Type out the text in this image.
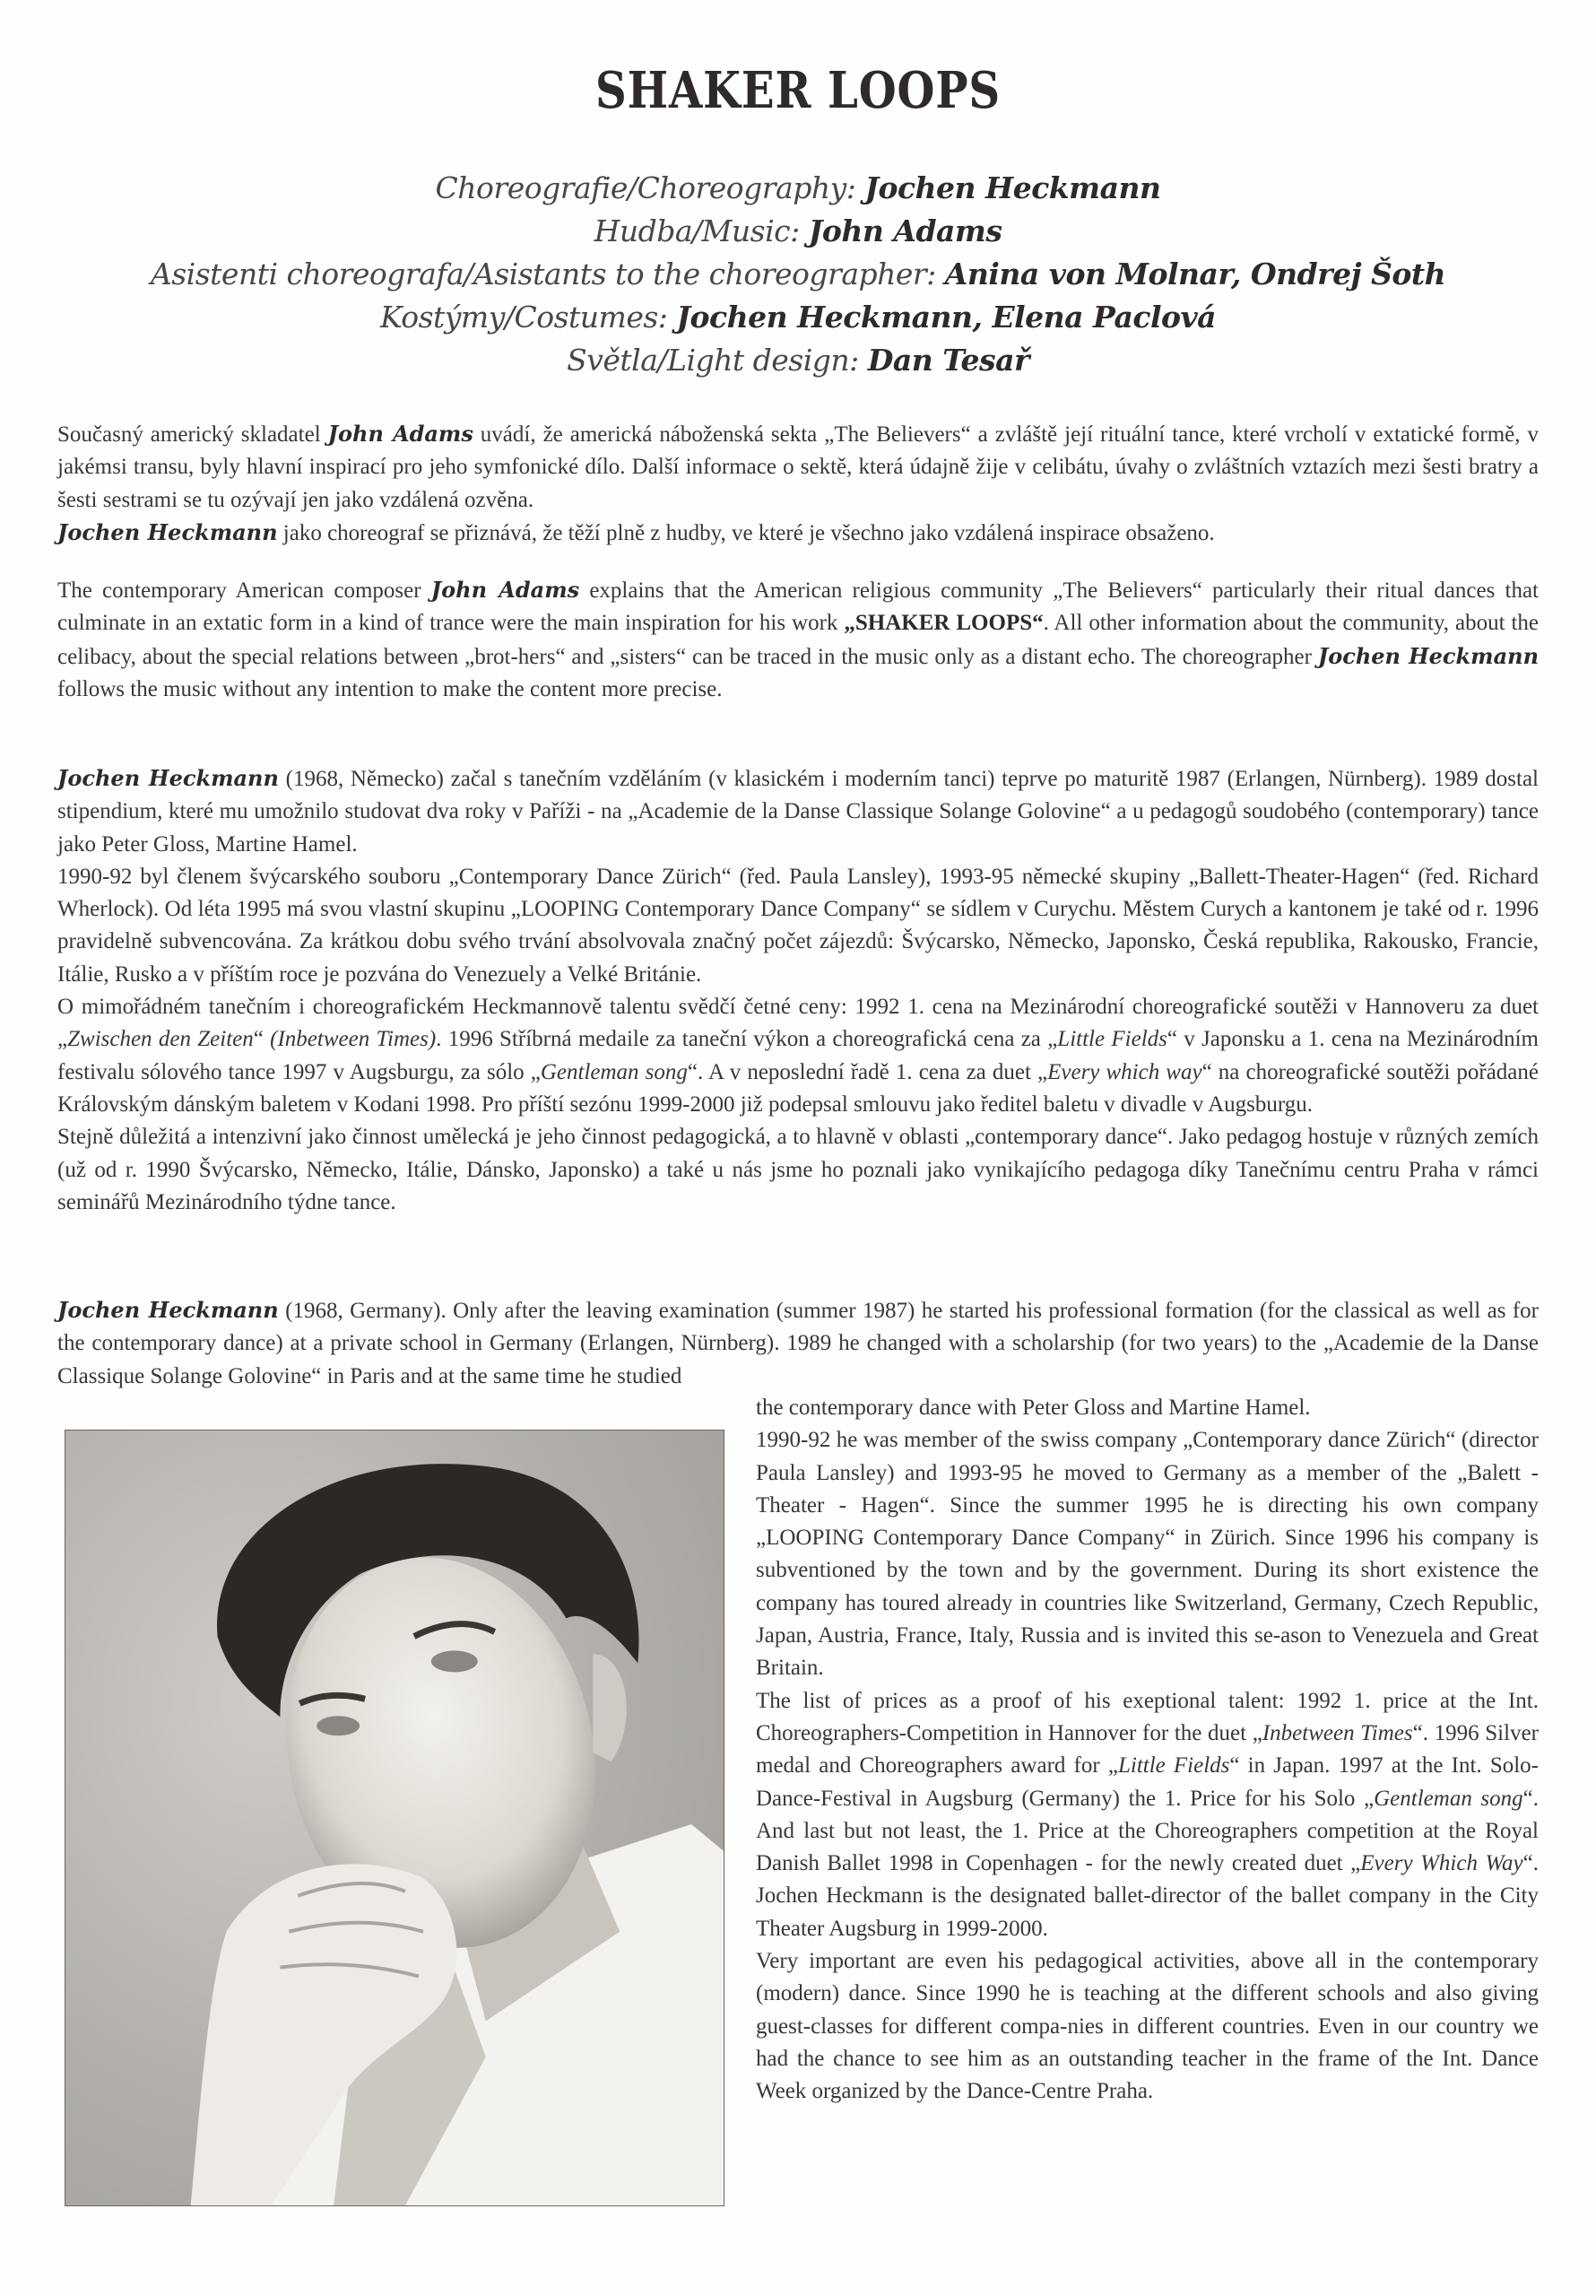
SHAKER LOOPS
Choreografie/Choreography: Jochen Heckmann
Hudba/Music: John Adams
Asistenti choreografa/Asistants to the choreographer: Anina von Molnar, Ondrej Šoth
Kostýmy/Costumes: Jochen Heckmann, Elena Paclová
Světla/Light design: Dan Tesař

Současný americký skladatel John Adams uvádí, že americká náboženská sekta „The Believers“ a zvláště její rituální tance, které vrcholí v extatické formě, v jakémsi transu, byly hlavní inspirací pro jeho symfonické dílo. Další informace o sektě, která údajně žije v celibátu, úvahy o zvláštních vztazích mezi šesti bratry a šesti sestrami se tu ozývají jen jako vzdálená ozvěna.

Jochen Heckmann jako choreograf se přiznává, že těží plně z hudby, ve které je všechno jako vzdálená inspirace obsaženo.

The contemporary American composer John Adams explains that the American religious community „The Believers“ particularly their ritual dances that culminate in an extatic form in a kind of trance were the main inspiration for his work „SHAKER LOOPS“. All other information about the community, about the celibacy, about the special relations between „brot-hers“ and „sisters“ can be traced in the music only as a distant echo. The choreographer Jochen Heckmann follows the music without any intention to make the content more precise.

Jochen Heckmann (1968, Německo) začal s tanečním vzděláním (v klasickém i moderním tanci) teprve po maturitě 1987 (Erlangen, Nürnberg). 1989 dostal stipendium, které mu umožnilo studovat dva roky v Paříži - na „Academie de la Danse Classique Solange Golovine“ a u pedagogů soudobého (contemporary) tance jako Peter Gloss, Martine Hamel.

1990-92 byl členem švýcarského souboru „Contemporary Dance Zürich“ (řed. Paula Lansley), 1993-95 německé skupiny „Ballett-Theater-Hagen“ (řed. Richard Wherlock). Od léta 1995 má svou vlastní skupinu „LOOPING Contemporary Dance Company“ se sídlem v Curychu. Městem Curych a kantonem je také od r. 1996 pravidelně subvencována. Za krátkou dobu svého trvání absolvovala značný počet zájezdů: Švýcarsko, Německo, Japonsko, Česká republika, Rakousko, Francie, Itálie, Rusko a v příštím roce je pozvána do Venezuely a Velké Británie.

O mimořádném tanečním i choreografickém Heckmannově talentu svědčí četné ceny: 1992 1. cena na Mezinárodní choreografické soutěži v Hannoveru za duet „Zwischen den Zeiten“ (Inbetween Times). 1996 Stříbrná medaile za taneční výkon a choreografická cena za „Little Fields“ v Japonsku a 1. cena na Mezinárodním festivalu sólového tance 1997 v Augsburgu, za sólo „Gentleman song“. A v neposlední řadě 1. cena za duet „Every which way“ na choreografické soutěži pořádané Královským dánským baletem v Kodani 1998. Pro příští sezónu 1999-2000 již podepsal smlouvu jako ředitel baletu v divadle v Augsburgu.

Stejně důležitá a intenzivní jako činnost umělecká je jeho činnost pedagogická, a to hlavně v oblasti „contemporary dance“. Jako pedagog hostuje v různých zemích (už od r. 1990 Švýcarsko, Německo, Itálie, Dánsko, Japonsko) a také u nás jsme ho poznali jako vynikajícího pedagoga díky Tanečnímu centru Praha v rámci seminářů Mezinárodního týdne tance.

Jochen Heckmann (1968, Germany). Only after the leaving examination (summer 1987) he started his professional formation (for the classical as well as for the contemporary dance) at a private school in Germany (Erlangen, Nürnberg). 1989 he changed with a scholarship (for two years) to the „Academie de la Danse Classique Solange Golovine“ in Paris and at the same time he studied

the contemporary dance with Peter Gloss and Martine Hamel.

1990-92 he was member of the swiss company „Contemporary dance Zürich“ (director Paula Lansley) and 1993-95 he moved to Germany as a member of the „Balett - Theater - Hagen“. Since the summer 1995 he is directing his own company „LOOPING Contemporary Dance Company“ in Zürich. Since 1996 his company is subventioned by the town and by the government. During its short existence the company has toured already in countries like Switzerland, Germany, Czech Republic, Japan, Austria, France, Italy, Russia and is invited this se-ason to Venezuela and Great Britain.

The list of prices as a proof of his exeptional talent: 1992 1. price at the Int. Choreographers-Competition in Hannover for the duet „Inbetween Times“. 1996 Silver medal and Choreographers award for „Little Fields“ in Japan. 1997 at the Int. Solo-Dance-Festival in Augsburg (Germany) the 1. Price for his Solo „Gentleman song“. And last but not least, the 1. Price at the Choreographers competition at the Royal Danish Ballet 1998 in Copenhagen - for the newly created duet „Every Which Way“. Jochen Heckmann is the designated ballet-director of the ballet company in the City Theater Augsburg in 1999-2000.

Very important are even his pedagogical activities, above all in the contemporary (modern) dance. Since 1990 he is teaching at the different schools and also giving guest-classes for different compa-nies in different countries. Even in our country we had the chance to see him as an outstanding teacher in the frame of the Int. Dance Week organized by the Dance-Centre Praha.
